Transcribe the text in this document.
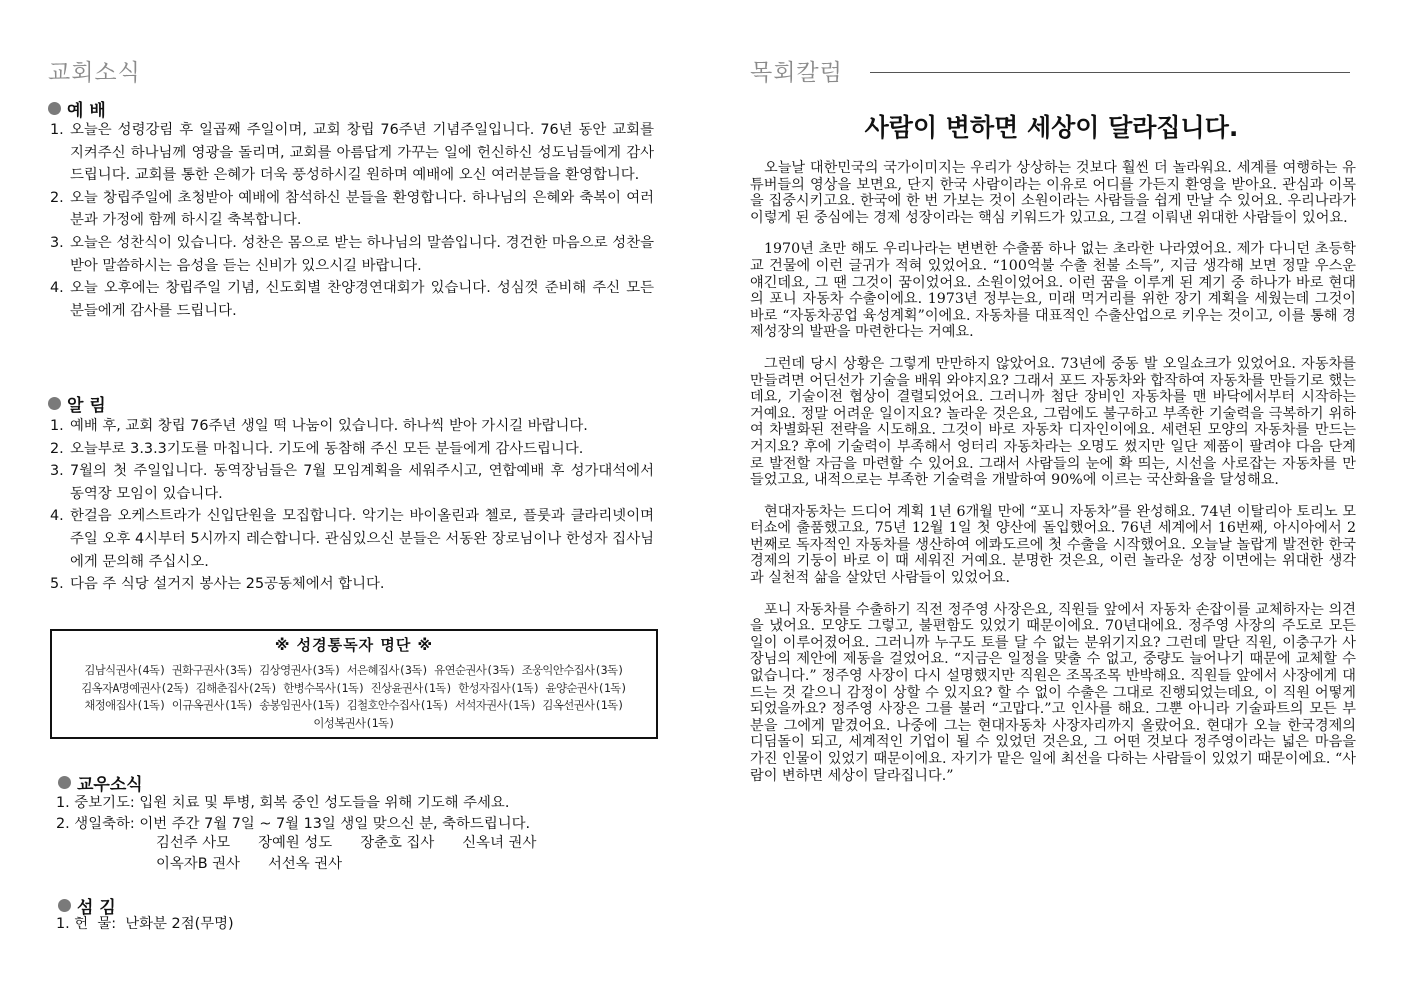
교회소식
예 배
1. 오늘은 성령강림 후 일곱째 주일이며, 교회 창립 76주년 기념주일입니다. 76년 동안 교회를 지켜주신 하나님께 영광을 돌리며, 교회를 아름답게 가꾸는 일에 헌신하신 성도님들에게 감사드립니다. 교회를 통한 은혜가 더욱 풍성하시길 원하며 예배에 오신 여러분들을 환영합니다.
2. 오늘 창립주일에 초청받아 예배에 참석하신 분들을 환영합니다. 하나님의 은혜와 축복이 여러분과 가정에 함께 하시길 축복합니다.
3. 오늘은 성찬식이 있습니다. 성찬은 몸으로 받는 하나님의 말씀입니다. 경건한 마음으로 성찬을 받아 말씀하시는 음성을 듣는 신비가 있으시길 바랍니다.
4. 오늘 오후에는 창립주일 기념, 신도회별 찬양경연대회가 있습니다. 성심껏 준비해 주신 모든 분들에게 감사를 드립니다.
알 림
1. 예배 후, 교회 창립 76주년 생일 떡 나눔이 있습니다. 하나씩 받아 가시길 바랍니다.
2. 오늘부로 3.3.3기도를 마칩니다. 기도에 동참해 주신 모든 분들에게 감사드립니다.
3. 7월의 첫 주일입니다. 동역장님들은 7월 모임계획을 세워주시고, 연합예배 후 성가대석에서 동역장 모임이 있습니다.
4. 한걸음 오케스트라가 신입단원을 모집합니다. 악기는 바이올린과 첼로, 플룻과 클라리넷이며 주일 오후 4시부터 5시까지 레슨합니다. 관심있으신 분들은 서동완 장로님이나 한성자 집사님에게 문의해 주십시오.
5. 다음 주 식당 설거지 봉사는 25공동체에서 합니다.
※ 성경통독자 명단 ※
김남식권사(4독) 권화구권사(3독) 김상영권사(3독) 서은혜집사(3독) 유연순권사(3독) 조웅익안수집사(3독)
김옥자A명예권사(2독) 김해춘집사(2독) 한병수목사(1독) 진상윤권사(1독) 한성자집사(1독) 윤양순권사(1독)
채정애집사(1독) 이규옥권사(1독) 송봉임권사(1독) 김철호안수집사(1독) 서석자권사(1독) 김옥선권사(1독)
이성복권사(1독)
교우소식
1. 중보기도: 입원 치료 및 투병, 회복 중인 성도들을 위해 기도해 주세요.
2. 생일축하: 이번 주간 7월 7일 ~ 7월 13일 생일 맞으신 분, 축하드립니다.
김선주 사모 장예원 성도 장춘호 집사 신옥녀 권사
이옥자B 권사 서선옥 권사
섬 김
1. 헌  물:  난화분 2점(무명)
목회칼럼
사람이 변하면 세상이 달라집니다.

오늘날 대한민국의 국가이미지는 우리가 상상하는 것보다 훨씬 더 놀라워요. 세계를 여행하는 유튜버들의 영상을 보면요, 단지 한국 사람이라는 이유로 어디를 가든지 환영을 받아요. 관심과 이목을 집중시키고요. 한국에 한 번 가보는 것이 소원이라는 사람들을 쉽게 만날 수 있어요. 우리나라가 이렇게 된 중심에는 경제 성장이라는 핵심 키워드가 있고요, 그걸 이뤄낸 위대한 사람들이 있어요.

1970년 초만 해도 우리나라는 변변한 수출품 하나 없는 초라한 나라였어요. 제가 다니던 초등학교 건물에 이런 글귀가 적혀 있었어요. “100억불 수출 천불 소득”, 지금 생각해 보면 정말 우스운 얘긴데요, 그 땐 그것이 꿈이었어요. 소원이었어요. 이런 꿈을 이루게 된 계기 중 하나가 바로 현대의 포니 자동차 수출이에요. 1973년 정부는요, 미래 먹거리를 위한 장기 계획을 세웠는데 그것이 바로 “자동차공업 육성계획”이에요. 자동차를 대표적인 수출산업으로 키우는 것이고, 이를 통해 경제성장의 발판을 마련한다는 거예요.

그런데 당시 상황은 그렇게 만만하지 않았어요. 73년에 중동 발 오일쇼크가 있었어요. 자동차를 만들려면 어딘선가 기술을 배워 와야지요? 그래서 포드 자동차와 합작하여 자동차를 만들기로 했는데요, 기술이전 협상이 결렬되었어요. 그러니까 첨단 장비인 자동차를 맨 바닥에서부터 시작하는 거예요. 정말 어려운 일이지요? 놀라운 것은요, 그럼에도 불구하고 부족한 기술력을 극복하기 위하여 차별화된 전략을 시도해요. 그것이 바로 자동차 디자인이에요. 세련된 모양의 자동차를 만드는 거지요? 후에 기술력이 부족해서 엉터리 자동차라는 오명도 썼지만 일단 제품이 팔려야 다음 단계로 발전할 자금을 마련할 수 있어요. 그래서 사람들의 눈에 확 띄는, 시선을 사로잡는 자동차를 만들었고요, 내적으로는 부족한 기술력을 개발하여 90%에 이르는 국산화율을 달성해요.

현대자동차는 드디어 계획 1년 6개월 만에 “포니 자동차”를 완성해요. 74년 이탈리아 토리노 모터쇼에 출품했고요, 75년 12월 1일 첫 양산에 돌입했어요. 76년 세계에서 16번째, 아시아에서 2번째로 독자적인 자동차를 생산하여 에콰도르에 첫 수출을 시작했어요. 오늘날 놀랍게 발전한 한국경제의 기둥이 바로 이 때 세워진 거예요. 분명한 것은요, 이런 놀라운 성장 이면에는 위대한 생각과 실천적 삶을 살았던 사람들이 있었어요.

포니 자동차를 수출하기 직전 정주영 사장은요, 직원들 앞에서 자동차 손잡이를 교체하자는 의견을 냈어요. 모양도 그렇고, 불편함도 있었기 때문이에요. 70년대에요. 정주영 사장의 주도로 모든 일이 이루어졌어요. 그러니까 누구도 토를 달 수 없는 분위기지요? 그런데 말단 직원, 이충구가 사장님의 제안에 제동을 걸었어요. “지금은 일정을 맞출 수 없고, 중량도 늘어나기 때문에 교체할 수 없습니다.” 정주영 사장이 다시 설명했지만 직원은 조목조목 반박해요. 직원들 앞에서 사장에게 대드는 것 같으니 감정이 상할 수 있지요? 할 수 없이 수출은 그대로 진행되었는데요, 이 직원 어떻게 되었을까요? 정주영 사장은 그를 불러 “고맙다.”고 인사를 해요. 그뿐 아니라 기술파트의 모든 부분을 그에게 맡겼어요. 나중에 그는 현대자동차 사장자리까지 올랐어요. 현대가 오늘 한국경제의 디딤돌이 되고, 세계적인 기업이 될 수 있었던 것은요, 그 어떤 것보다 정주영이라는 넓은 마음을 가진 인물이 있었기 때문이에요. 자기가 맡은 일에 최선을 다하는 사람들이 있었기 때문이에요. “사람이 변하면 세상이 달라집니다.”
